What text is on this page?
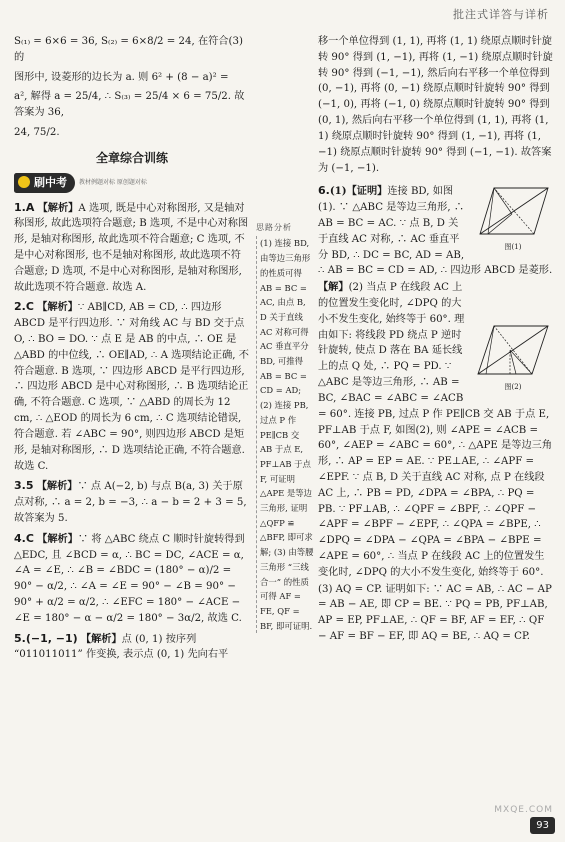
批注式详答与详析

S₍₁₎ = 6×6 = 36, S₍₂₎ = 6×8/2 = 24, 在符合(3)的

图形中, 设菱形的边长为 a. 则 6² + (8 − a)² =

a², 解得 a = 25/4, ∴ S₍₃₎ = 25/4 × 6 = 75/2. 故答案为 36,

24, 75/2.

全章综合训练
刷中考	教材例题对标 原创题对标
1.A 【解析】A 选项, 既是中心对称图形, 又是轴对称图形, 故此选项符合题意; B 选项, 不是中心对称图形, 是轴对称图形, 故此选项不符合题意; C 选项, 不是中心对称图形, 也不是轴对称图形, 故此选项不符合题意; D 选项, 不是中心对称图形, 是轴对称图形, 故此选项不符合题意. 故选 A.
2.C 【解析】∵ AB∥CD, AB = CD, ∴ 四边形 ABCD 是平行四边形. ∵ 对角线 AC 与 BD 交于点 O, ∴ BO = DO. ∵ 点 E 是 AB 的中点, ∴ OE 是 △ABD 的中位线, ∴ OE∥AD, ∴ A 选项结论正确, 不符合题意. B 选项, ∵ 四边形 ABCD 是平行四边形, ∴ 四边形 ABCD 是中心对称图形, ∴ B 选项结论正确, 不符合题意. C 选项, ∵ △ABD 的周长为 12 cm, ∴ △EOD 的周长为 6 cm, ∴ C 选项结论错误, 符合题意. 若 ∠ABC = 90°, 则四边形 ABCD 是矩形, 是轴对称图形, ∴ D 选项结论正确, 不符合题意. 故选 C.
3.5 【解析】∵ 点 A(−2, b) 与点 B(a, 3) 关于原点对称, ∴ a = 2, b = −3, ∴ a − b = 2 + 3 = 5, 故答案为 5.
4.C 【解析】∵ 将 △ABC 绕点 C 顺时针旋转得到 △EDC, 且 ∠BCD = α, ∴ BC = DC, ∠ACE = α, ∠A = ∠E, ∴ ∠B = ∠BDC = (180° − α)/2 = 90° − α/2, ∴ ∠A = ∠E = 90° − ∠B = 90° − 90° + α/2 = α/2, ∴ ∠EFC = 180° − ∠ACE − ∠E = 180° − α − α/2 = 180° − 3α/2, 故选 C.
5.(−1, −1) 【解析】点 (0, 1) 按序列 “011011011” 作变换, 表示点 (0, 1) 先向右平
思路分析
(1) 连接 BD, 由等边三角形的性质可得 AB = BC = AC, 由点 B, D 关于直线 AC 对称可得 AC 垂直平分 BD, 可推得 AB = BC = CD = AD; (2) 连接 PB, 过点 P 作 PE∥CB 交 AB 于点 E, PF⊥AB 于点 F, 可证明 △APE 是等边三角形, 证明 △QFP ≌ △BFP, 即可求解; (3) 由等腰三角形 “三线合一” 的性质可得 AF = FE, QF = BF, 即可证明.

移一个单位得到 (1, 1), 再将 (1, 1) 绕原点顺时针旋转 90° 得到 (1, −1), 再将 (1, −1) 绕原点顺时针旋转 90° 得到 (−1, −1), 然后向右平移一个单位得到 (0, −1), 再将 (0, −1) 绕原点顺时针旋转 90° 得到 (−1, 0), 再将 (−1, 0) 绕原点顺时针旋转 90° 得到 (0, 1), 然后向右平移一个单位得到 (1, 1), 再将 (1, 1) 绕原点顺时针旋转 90° 得到 (1, −1), 再将 (1, −1) 绕原点顺时针旋转 90° 得到 (−1, −1). 故答案为 (−1, −1).

图(1)

6.(1)【证明】连接 BD, 如图(1). ∵ △ABC 是等边三角形, ∴ AB = BC = AC. ∵ 点 B, D 关于直线 AC 对称, ∴ AC 垂直平分 BD, ∴ DC = BC, AD = AB, ∴ AB = BC = CD = AD, ∴ 四边形 ABCD 是菱形.

图(2)

【解】(2) 当点 P 在线段 AC 上的位置发生变化时, ∠DPQ 的大小不发生变化, 始终等于 60°. 理由如下: 将线段 PD 绕点 P 逆时针旋转, 使点 D 落在 BA 延长线上的点 Q 处, ∴ PQ = PD. ∵ △ABC 是等边三角形, ∴ AB = BC, ∠BAC = ∠ABC = ∠ACB = 60°. 连接 PB, 过点 P 作 PE∥CB 交 AB 于点 E, PF⊥AB 于点 F, 如图(2), 则 ∠APE = ∠ACB = 60°, ∠AEP = ∠ABC = 60°, ∴ △APE 是等边三角形, ∴ AP = EP = AE. ∵ PE⊥AE, ∴ ∠APF = ∠EPF. ∵ 点 B, D 关于直线 AC 对称, 点 P 在线段 AC 上, ∴ PB = PD, ∠DPA = ∠BPA, ∴ PQ = PB. ∵ PF⊥AB, ∴ ∠QPF = ∠BPF, ∴ ∠QPF − ∠APF = ∠BPF − ∠EPF, ∴ ∠QPA = ∠BPE, ∴ ∠DPQ = ∠DPA − ∠QPA = ∠BPA − ∠BPE = ∠APE = 60°, ∴ 当点 P 在线段 AC 上的位置发生变化时, ∠DPQ 的大小不发生变化, 始终等于 60°.

(3) AQ = CP. 证明如下: ∵ AC = AB, ∴ AC − AP = AB − AE, 即 CP = BE. ∵ PQ = PB, PF⊥AB, AP = EP, PF⊥AE, ∴ QF = BF, AF = EF, ∴ QF − AF = BF − EF, 即 AQ = BE, ∴ AQ = CP.

MXQE.COM
93
